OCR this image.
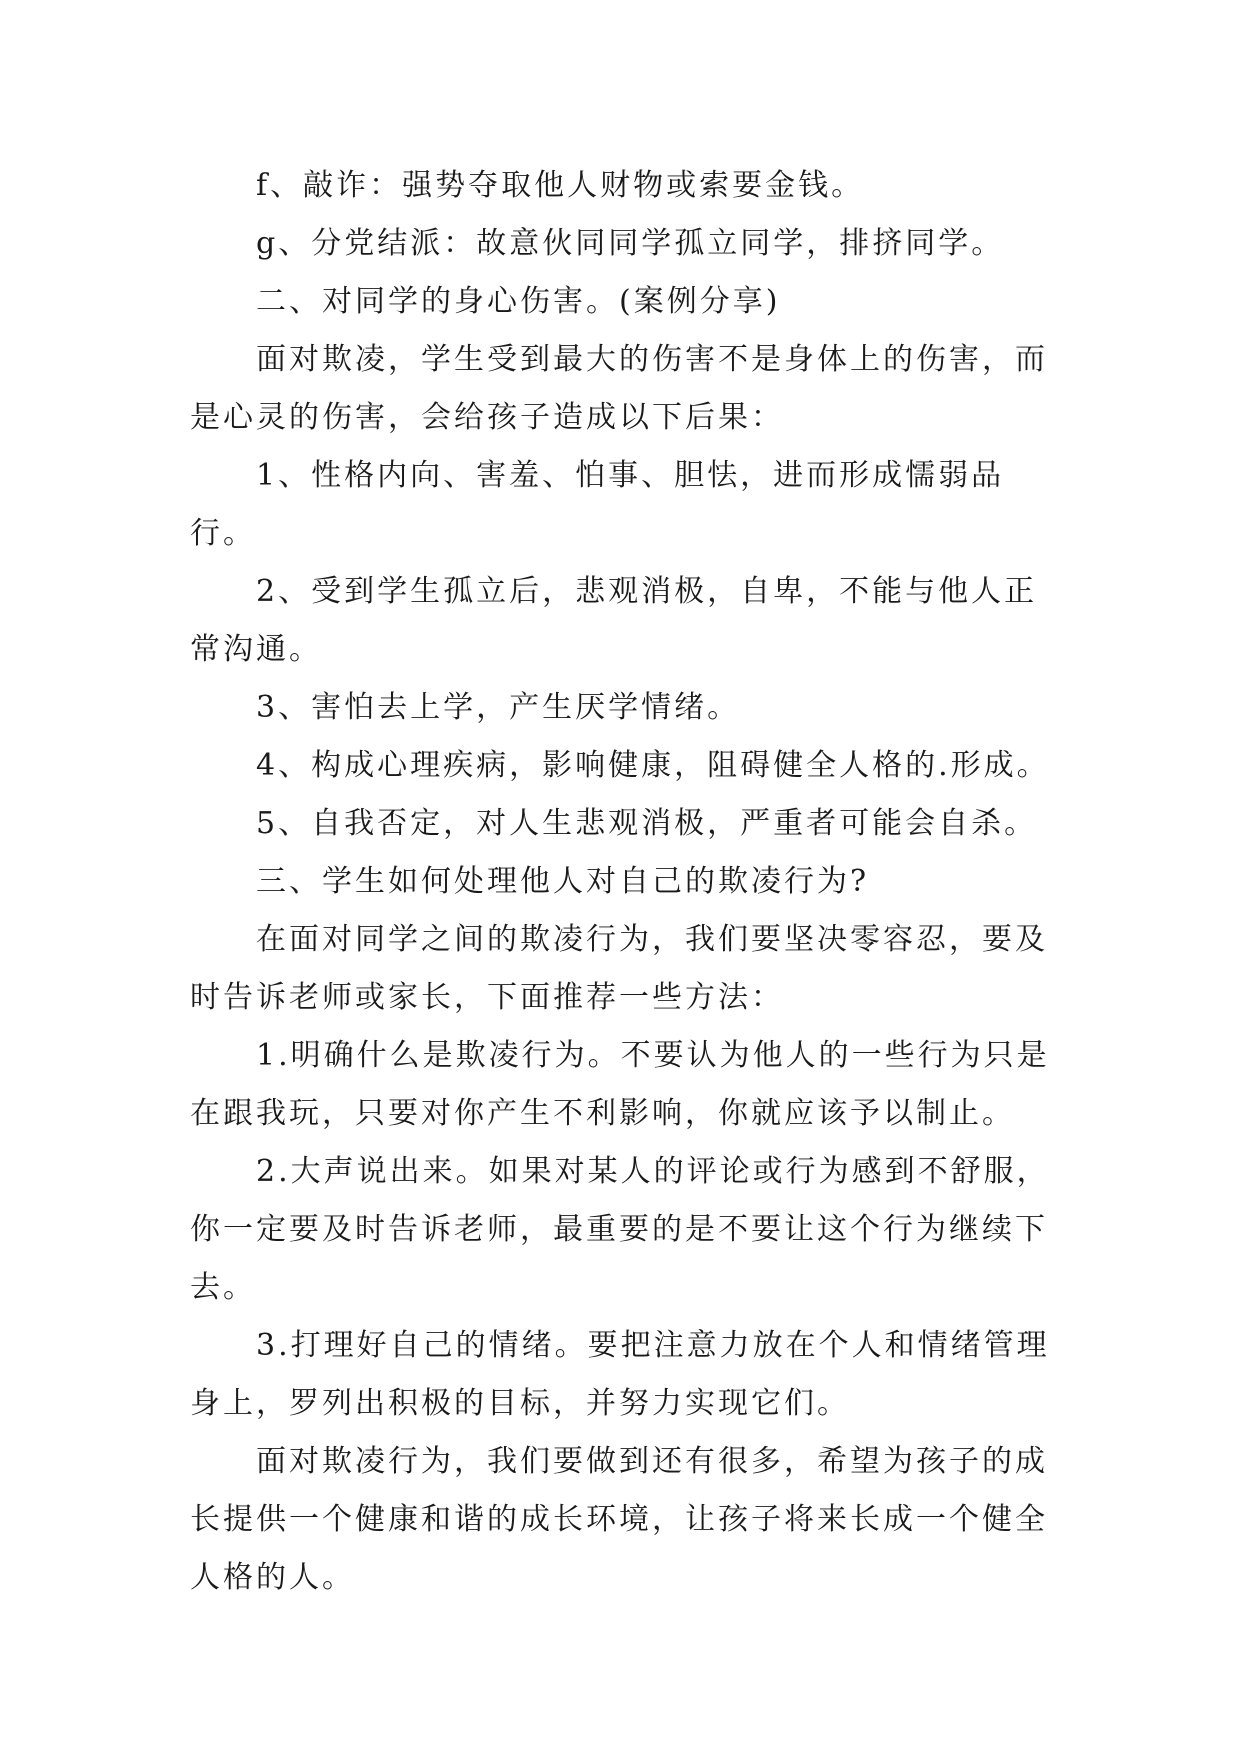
f、敲诈：强势夺取他人财物或索要金钱。

g、分党结派：故意伙同同学孤立同学，排挤同学。

二、对同学的身心伤害。(案例分享)

面对欺凌，学生受到最大的伤害不是身体上的伤害，而是心灵的伤害，会给孩子造成以下后果：

1、性格内向、害羞、怕事、胆怯，进而形成懦弱品行。

2、受到学生孤立后，悲观消极，自卑，不能与他人正常沟通。

3、害怕去上学，产生厌学情绪。

4、构成心理疾病，影响健康，阻碍健全人格的.形成。

5、自我否定，对人生悲观消极，严重者可能会自杀。

三、学生如何处理他人对自己的欺凌行为?

在面对同学之间的欺凌行为，我们要坚决零容忍，要及时告诉老师或家长，下面推荐一些方法：

1.明确什么是欺凌行为。不要认为他人的一些行为只是在跟我玩，只要对你产生不利影响，你就应该予以制止。

2.大声说出来。如果对某人的评论或行为感到不舒服，你一定要及时告诉老师，最重要的是不要让这个行为继续下去。

3.打理好自己的情绪。要把注意力放在个人和情绪管理身上，罗列出积极的目标，并努力实现它们。

面对欺凌行为，我们要做到还有很多，希望为孩子的成长提供一个健康和谐的成长环境，让孩子将来长成一个健全人格的人。
